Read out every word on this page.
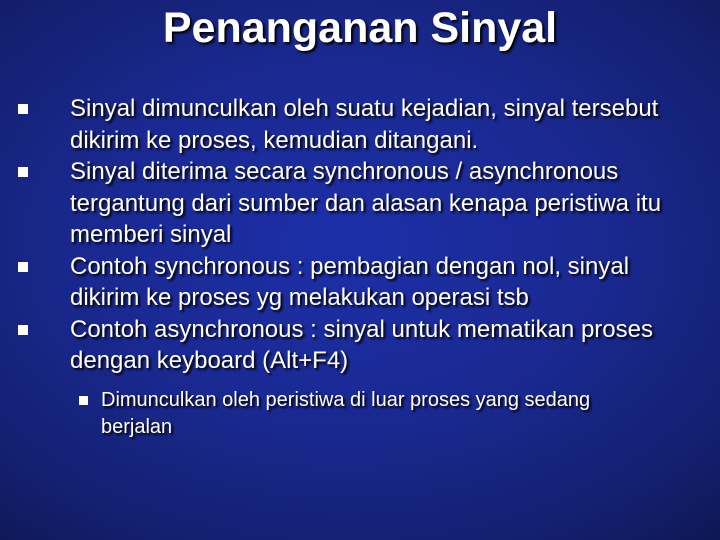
Penanganan Sinyal
Sinyal dimunculkan oleh suatu kejadian, sinyal tersebut dikirim ke proses, kemudian ditangani.
Sinyal diterima secara synchronous / asynchronous tergantung dari sumber dan alasan kenapa peristiwa itu memberi sinyal
Contoh synchronous : pembagian dengan nol, sinyal dikirim ke proses yg melakukan operasi tsb
Contoh asynchronous : sinyal untuk mematikan proses dengan keyboard (Alt+F4)
Dimunculkan oleh peristiwa di luar proses yang sedang berjalan
